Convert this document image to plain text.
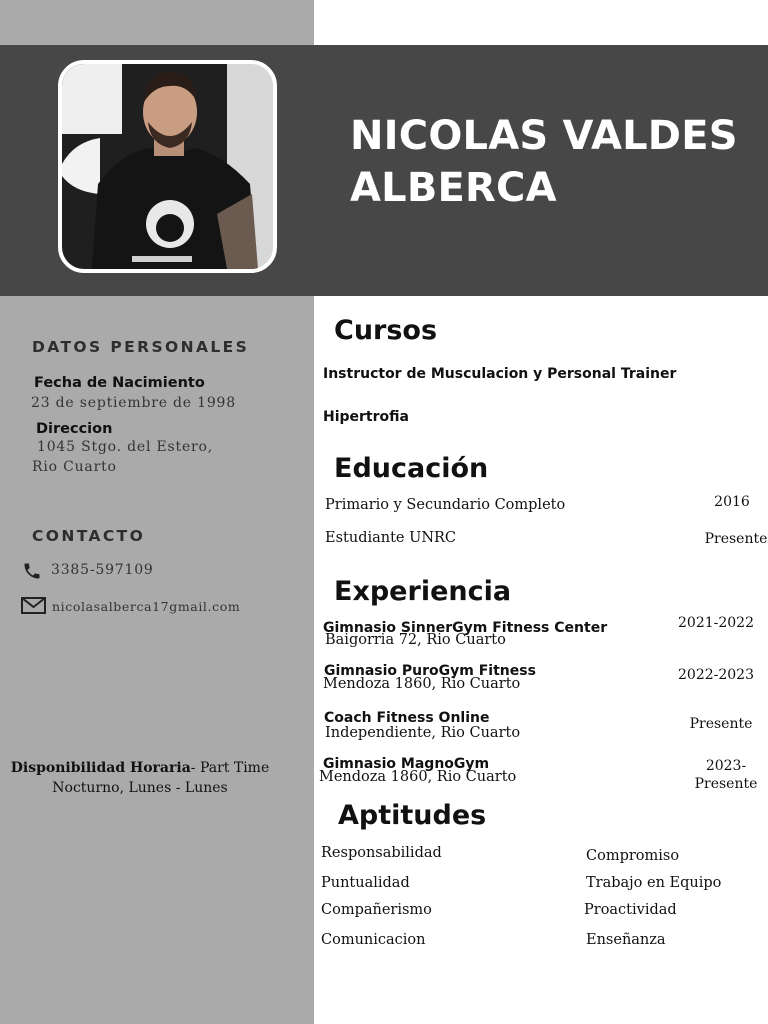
NICOLAS VALDES
ALBERCA
DATOS PERSONALES
Fecha de Nacimiento
23 de septiembre de 1998
Direccion
1045 Stgo. del Estero,
Rio Cuarto
CONTACTO
3385-597109
nicolasalberca17gmail.com
Disponibilidad Horaria- Part Time
Nocturno, Lunes - Lunes
Cursos
Instructor de Musculacion y Personal Trainer
Hipertrofia
Educación
Primario y Secundario Completo	2016
Estudiante UNRC	Presente
Experiencia
Gimnasio SinnerGym Fitness Center
Baigorria 72, Rio Cuarto
2021-2022
Gimnasio PuroGym Fitness
Mendoza 1860, Rio Cuarto
2022-2023
Coach Fitness Online
Independiente, Rio Cuarto
Presente
Gimnasio MagnoGym
Mendoza 1860, Rio Cuarto
2023-
Presente
Aptitudes
Responsabilidad
Puntualidad
Compañerismo
Comunicacion
Compromiso
Trabajo en Equipo
Proactividad
Enseñanza
